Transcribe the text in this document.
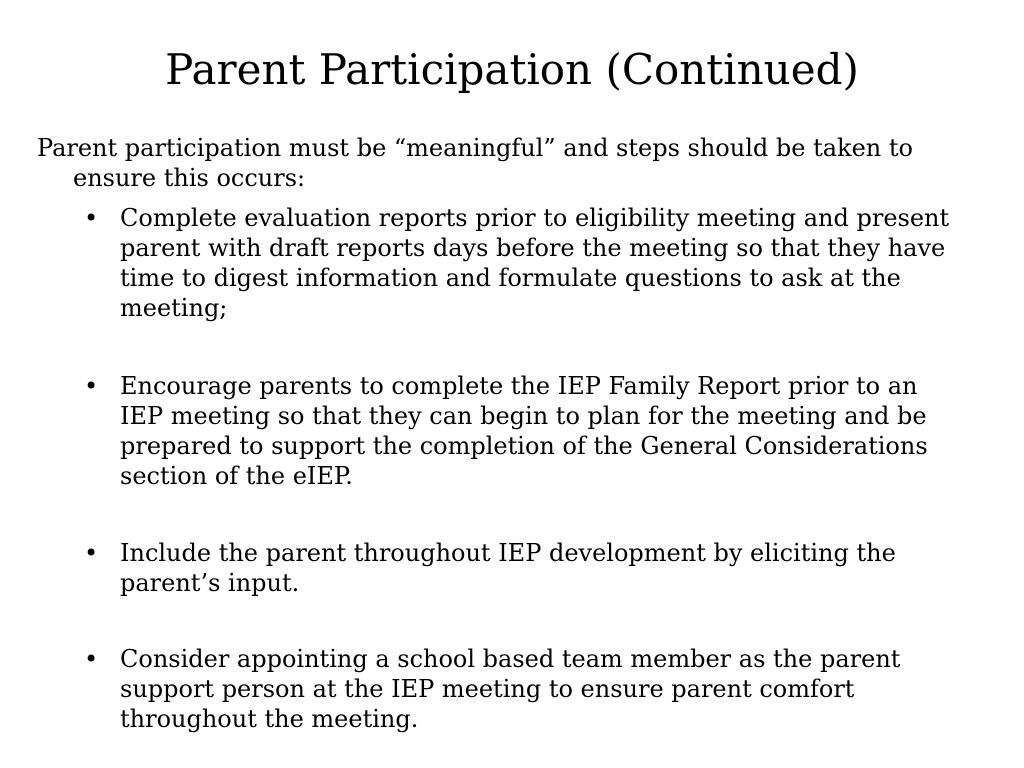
Parent Participation (Continued)
Parent participation must be “meaningful” and steps should be taken to ensure this occurs:
• Complete evaluation reports prior to eligibility meeting and present parent with draft reports days before the meeting so that they have time to digest information and formulate questions to ask at the meeting;
• Encourage parents to complete the IEP Family Report prior to an IEP meeting so that they can begin to plan for the meeting and be prepared to support the completion of the General Considerations section of the eIEP.
• Include the parent throughout IEP development by eliciting the parent’s input.
• Consider appointing a school based team member as the parent support person at the IEP meeting to ensure parent comfort throughout the meeting.
